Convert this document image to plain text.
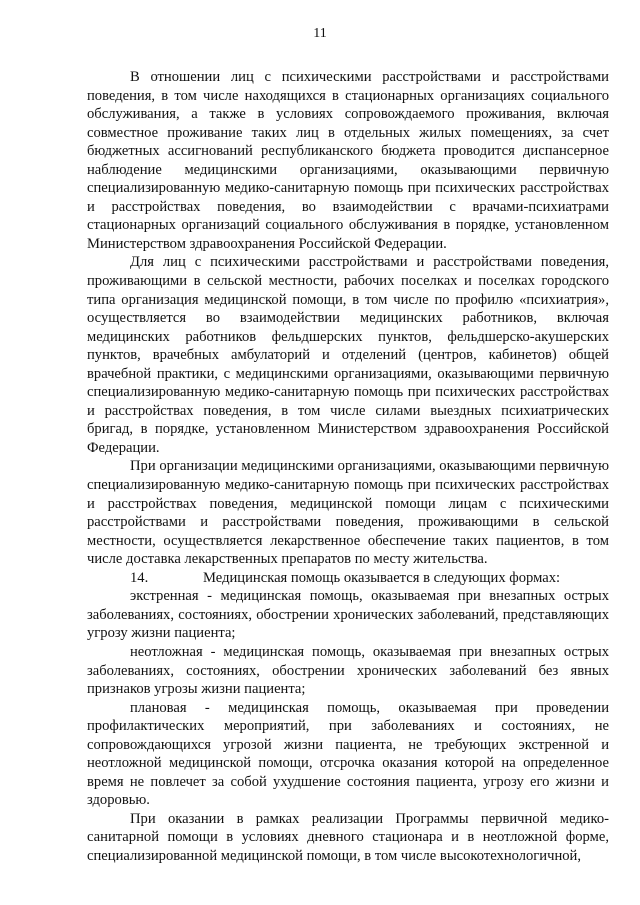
11

В отношении лиц с психическими расстройствами и расстройствами поведения, в том числе находящихся в стационарных организациях социального обслуживания, а также в условиях сопровождаемого проживания, включая совместное проживание таких лиц в отдельных жилых помещениях, за счет бюджетных ассигнований республиканского бюджета проводится диспансерное наблюдение медицинскими организациями, оказывающими первичную специализированную медико-санитарную помощь при психических расстройствах и расстройствах поведения, во взаимодействии с врачами-психиатрами стационарных организаций социального обслуживания в порядке, установленном Министерством здравоохранения Российской Федерации.

Для лиц с психическими расстройствами и расстройствами поведения, проживающими в сельской местности, рабочих поселках и поселках городского типа организация медицинской помощи, в том числе по профилю «психиатрия», осуществляется во взаимодействии медицинских работников, включая медицинских работников фельдшерских пунктов, фельдшерско-акушерских пунктов, врачебных амбулаторий и отделений (центров, кабинетов) общей врачебной практики, с медицинскими организациями, оказывающими первичную специализированную медико-санитарную помощь при психических расстройствах и расстройствах поведения, в том числе силами выездных психиатрических бригад, в порядке, установленном Министерством здравоохранения Российской Федерации.

При организации медицинскими организациями, оказывающими первичную специализированную медико-санитарную помощь при психических расстройствах и расстройствах поведения, медицинской помощи лицам с психическими расстройствами и расстройствами поведения, проживающими в сельской местности, осуществляется лекарственное обеспечение таких пациентов, в том числе доставка лекарственных препаратов по месту жительства.

14.	Медицинская помощь оказывается в следующих формах:

экстренная - медицинская помощь, оказываемая при внезапных острых заболеваниях, состояниях, обострении хронических заболеваний, представляющих угрозу жизни пациента;

неотложная - медицинская помощь, оказываемая при внезапных острых заболеваниях, состояниях, обострении хронических заболеваний без явных признаков угрозы жизни пациента;

плановая - медицинская помощь, оказываемая при проведении профилактических мероприятий, при заболеваниях и состояниях, не сопровождающихся угрозой жизни пациента, не требующих экстренной и неотложной медицинской помощи, отсрочка оказания которой на определенное время не повлечет за собой ухудшение состояния пациента, угрозу его жизни и здоровью.

При оказании в рамках реализации Программы первичной медико-санитарной помощи в условиях дневного стационара и в неотложной форме, специализированной медицинской помощи, в том числе высокотехнологичной,
